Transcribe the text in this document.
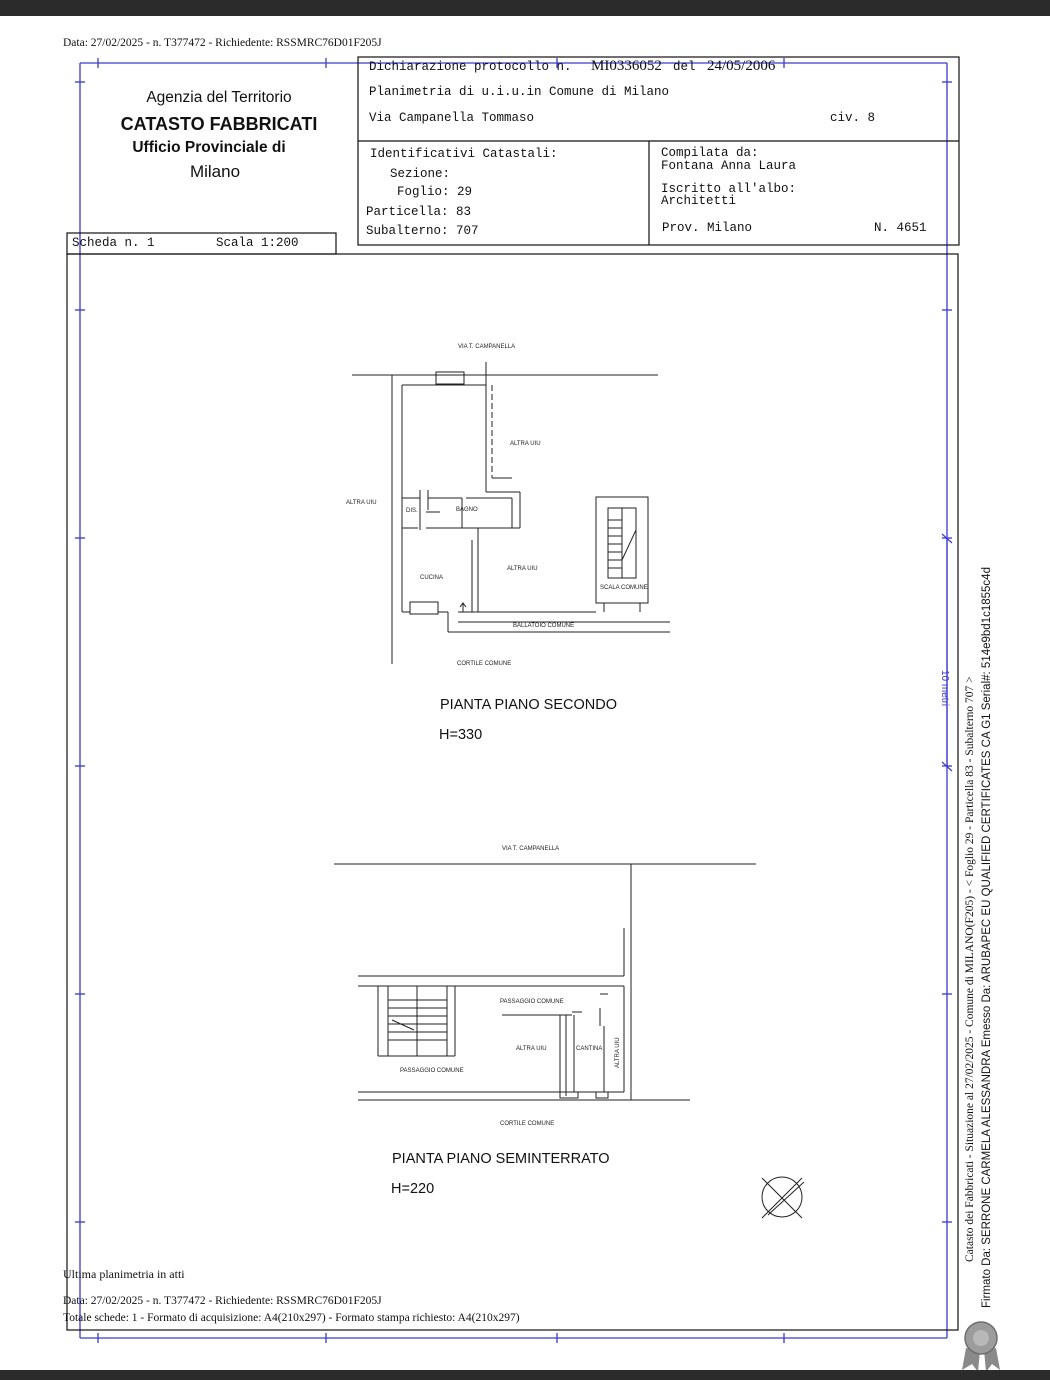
VIA T. CAMPANELLA
ALTRA UIU
ALTRA UIU
DIS.	BAGNO
ALTRA UIU
CUCINA
SCALA COMUNE
BALLATOIO COMUNE
CORTILE COMUNE
VIA T. CAMPANELLA
PASSAGGIO COMUNE
ALTRA UIU	CANTINA ALTRA UIU
PASSAGGIO COMUNE
CORTILE COMUNE
Data: 27/02/2025 - n. T377472 - Richiedente: RSSMRC76D01F205J
Agenzia del Territorio
CATASTO FABBRICATI
Ufficio Provinciale di
Milano
Dichiarazione protocollo n. MI0336052 del 24/05/2006
Planimetria di u.i.u.in Comune di Milano
Via Campanella Tommaso	civ. 8
Identificativi Catastali:
Sezione:
Foglio: 29
Particella: 83
Subalterno: 707
Compilata da:
Fontana Anna Laura
Iscritto all'albo:
Architetti
Prov. Milano	N. 4651
Scheda n. 1	Scala 1:200
PIANTA PIANO SECONDO
H=330
PIANTA PIANO SEMINTERRATO
H=220
10 metri Catasto dei Fabbricati - Situazione al 27/02/2025 - Comune di MILANO(F205) - < Foglio 29 - Particella 83 - Subalterno 707 > Firmato Da: SERRONE CARMELA ALESSANDRA Emesso Da: ARUBAPEC EU QUALIFIED CERTIFICATES CA G1 Serial#: 514e9bd1c1855c4d
Ultima planimetria in atti
Data: 27/02/2025 - n. T377472 - Richiedente: RSSMRC76D01F205J
Totale schede: 1 - Formato di acquisizione: A4(210x297) - Formato stampa richiesto: A4(210x297)
